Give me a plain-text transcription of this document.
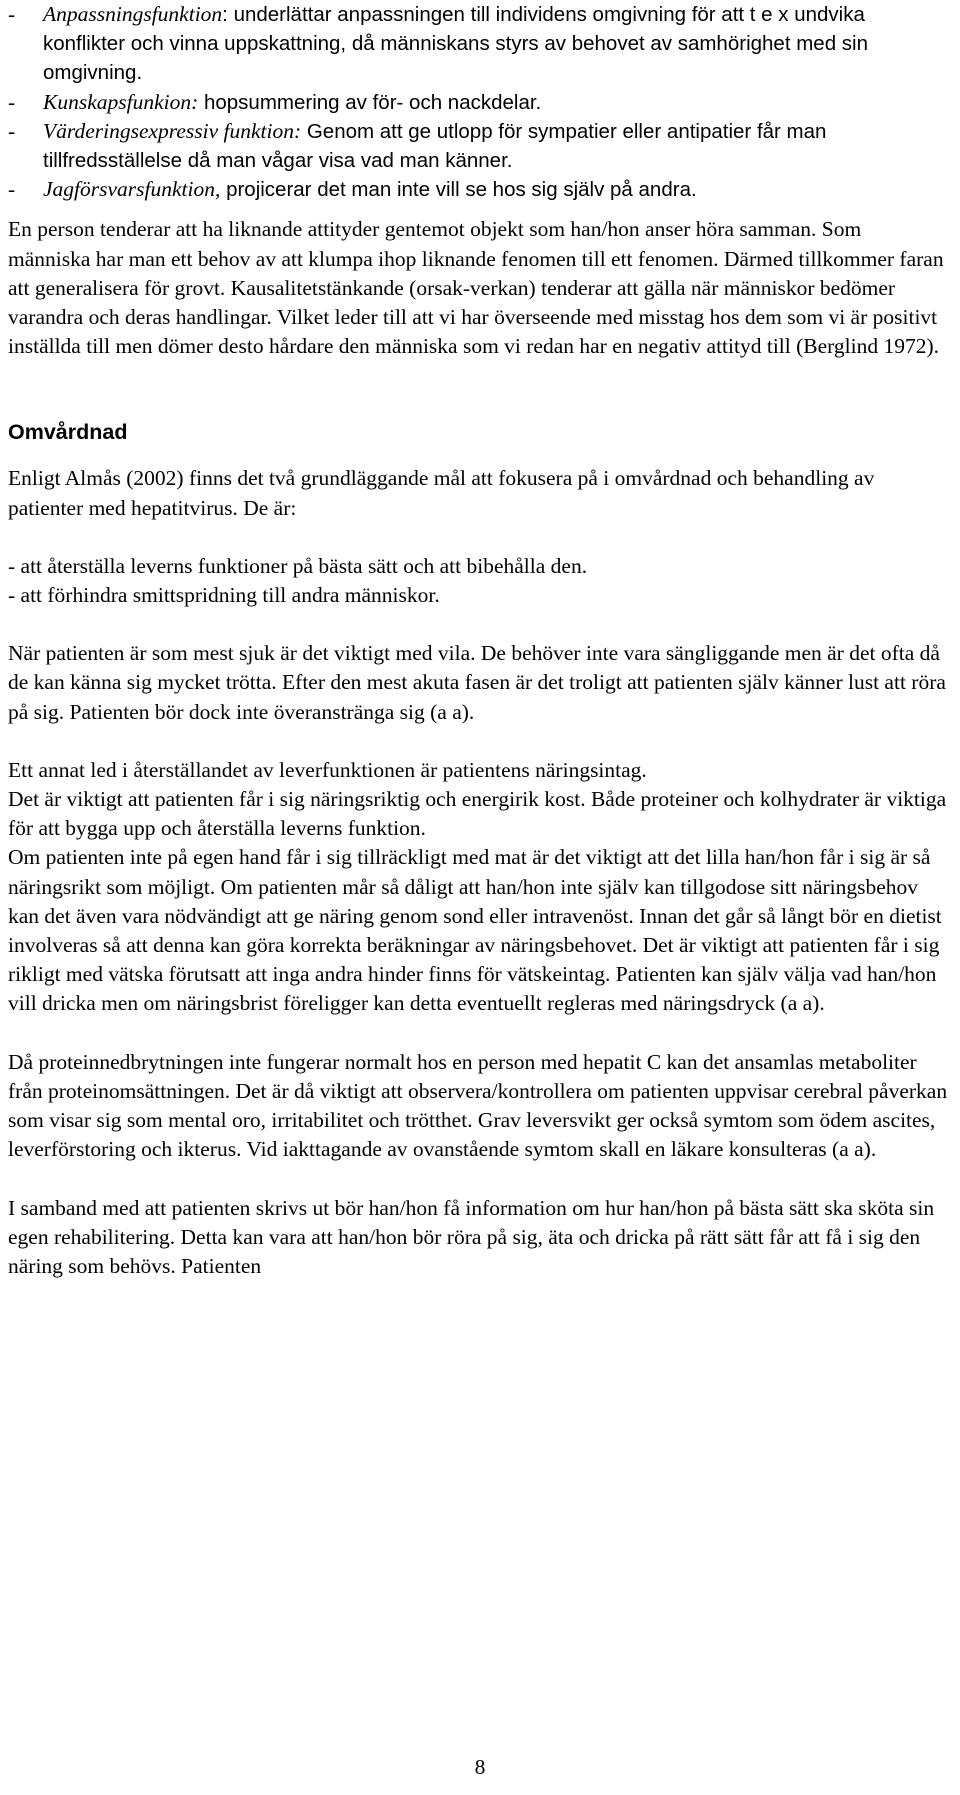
-	Anpassningsfunktion: underlättar anpassningen till individens omgivning för att t e x undvika konflikter och vinna uppskattning, då människans styrs av behovet av samhörighet med sin omgivning.
-	Kunskapsfunkion: hopsummering av för- och nackdelar.
-	Värderingsexpressiv funktion: Genom att ge utlopp för sympatier eller antipatier får man tillfredsställelse då man vågar visa vad man känner.
-	Jagförsvarsfunktion, projicerar det man inte vill se hos sig själv på andra.

En person tenderar att ha liknande attityder gentemot objekt som han/hon anser höra samman. Som människa har man ett behov av att klumpa ihop liknande fenomen till ett fenomen. Därmed tillkommer faran att generalisera för grovt. Kausalitetstänkande (orsak-verkan) tenderar att gälla när människor bedömer varandra och deras handlingar. Vilket leder till att vi har överseende med misstag hos dem som vi är positivt inställda till men dömer desto hårdare den människa som vi redan har en negativ attityd till (Berglind 1972).

Omvårdnad

Enligt Almås (2002) finns det två grundläggande mål att fokusera på i omvårdnad och behandling av patienter med hepatitvirus. De är:

- att återställa leverns funktioner på bästa sätt och att bibehålla den.

- att förhindra smittspridning till andra människor.

När patienten är som mest sjuk är det viktigt med vila. De behöver inte vara sängliggande men är det ofta då de kan känna sig mycket trötta. Efter den mest akuta fasen är det troligt att patienten själv känner lust att röra på sig. Patienten bör dock inte överanstränga sig (a a).

Ett annat led i återställandet av leverfunktionen är patientens näringsintag.

Det är viktigt att patienten får i sig näringsriktig och energirik kost. Både proteiner och kolhydrater är viktiga för att bygga upp och återställa leverns funktion.

Om patienten inte på egen hand får i sig tillräckligt med mat är det viktigt att det lilla han/hon får i sig är så näringsrikt som möjligt. Om patienten mår så dåligt att han/hon inte själv kan tillgodose sitt näringsbehov kan det även vara nödvändigt att ge näring genom sond eller intravenöst. Innan det går så långt bör en dietist involveras så att denna kan göra korrekta beräkningar av näringsbehovet. Det är viktigt att patienten får i sig rikligt med vätska förutsatt att inga andra hinder finns för vätskeintag. Patienten kan själv välja vad han/hon vill dricka men om näringsbrist föreligger kan detta eventuellt regleras med näringsdryck (a a).

Då proteinnedbrytningen inte fungerar normalt hos en person med hepatit C kan det ansamlas metaboliter från proteinomsättningen. Det är då viktigt att observera/kontrollera om patienten uppvisar cerebral påverkan som visar sig som mental oro, irritabilitet och trötthet. Grav leversvikt ger också symtom som ödem ascites, leverförstoring och ikterus. Vid iakttagande av ovanstående symtom skall en läkare konsulteras (a a).

I samband med att patienten skrivs ut bör han/hon få information om hur han/hon på bästa sätt ska sköta sin egen rehabilitering. Detta kan vara att han/hon bör röra på sig, äta och dricka på rätt sätt får att få i sig den näring som behövs. Patienten

8
